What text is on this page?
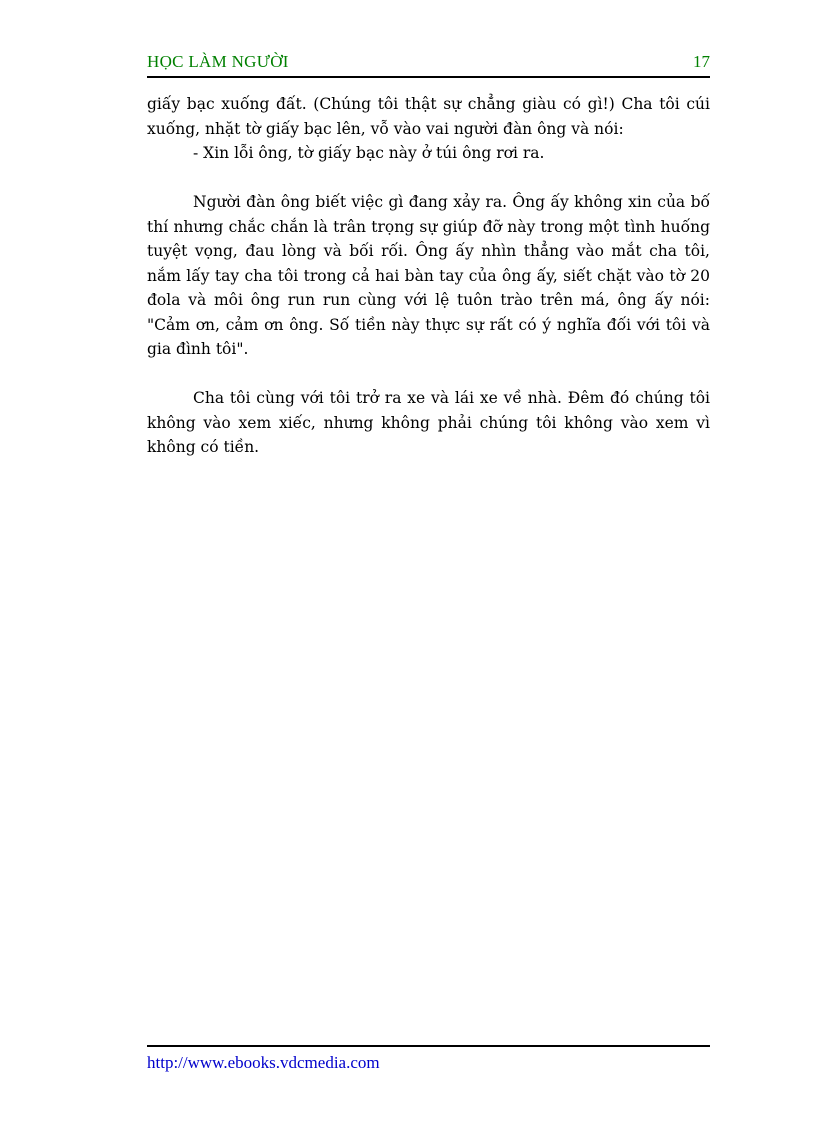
HỌC LÀM NGƯỜI	17

giấy bạc xuống đất. (Chúng tôi thật sự chẳng giàu có gì!) Cha tôi cúi xuống, nhặt tờ giấy bạc lên, vỗ vào vai người đàn ông và nói:

- Xin lỗi ông, tờ giấy bạc này ở túi ông rơi ra.

Người đàn ông biết việc gì đang xảy ra. Ông ấy không xin của bố thí nhưng chắc chắn là trân trọng sự giúp đỡ này trong một tình huống tuyệt vọng, đau lòng và bối rối. Ông ấy nhìn thẳng vào mắt cha tôi, nắm lấy tay cha tôi trong cả hai bàn tay của ông ấy, siết chặt vào tờ 20 đola và môi ông run run cùng với lệ tuôn trào trên má, ông ấy nói: "Cảm ơn, cảm ơn ông. Số tiền này thực sự rất có ý nghĩa đối với tôi và gia đình tôi".

Cha tôi cùng với tôi trở ra xe và lái xe về nhà. Đêm đó chúng tôi không vào xem xiếc, nhưng không phải chúng tôi không vào xem vì không có tiền.

http://www.ebooks.vdcmedia.com
